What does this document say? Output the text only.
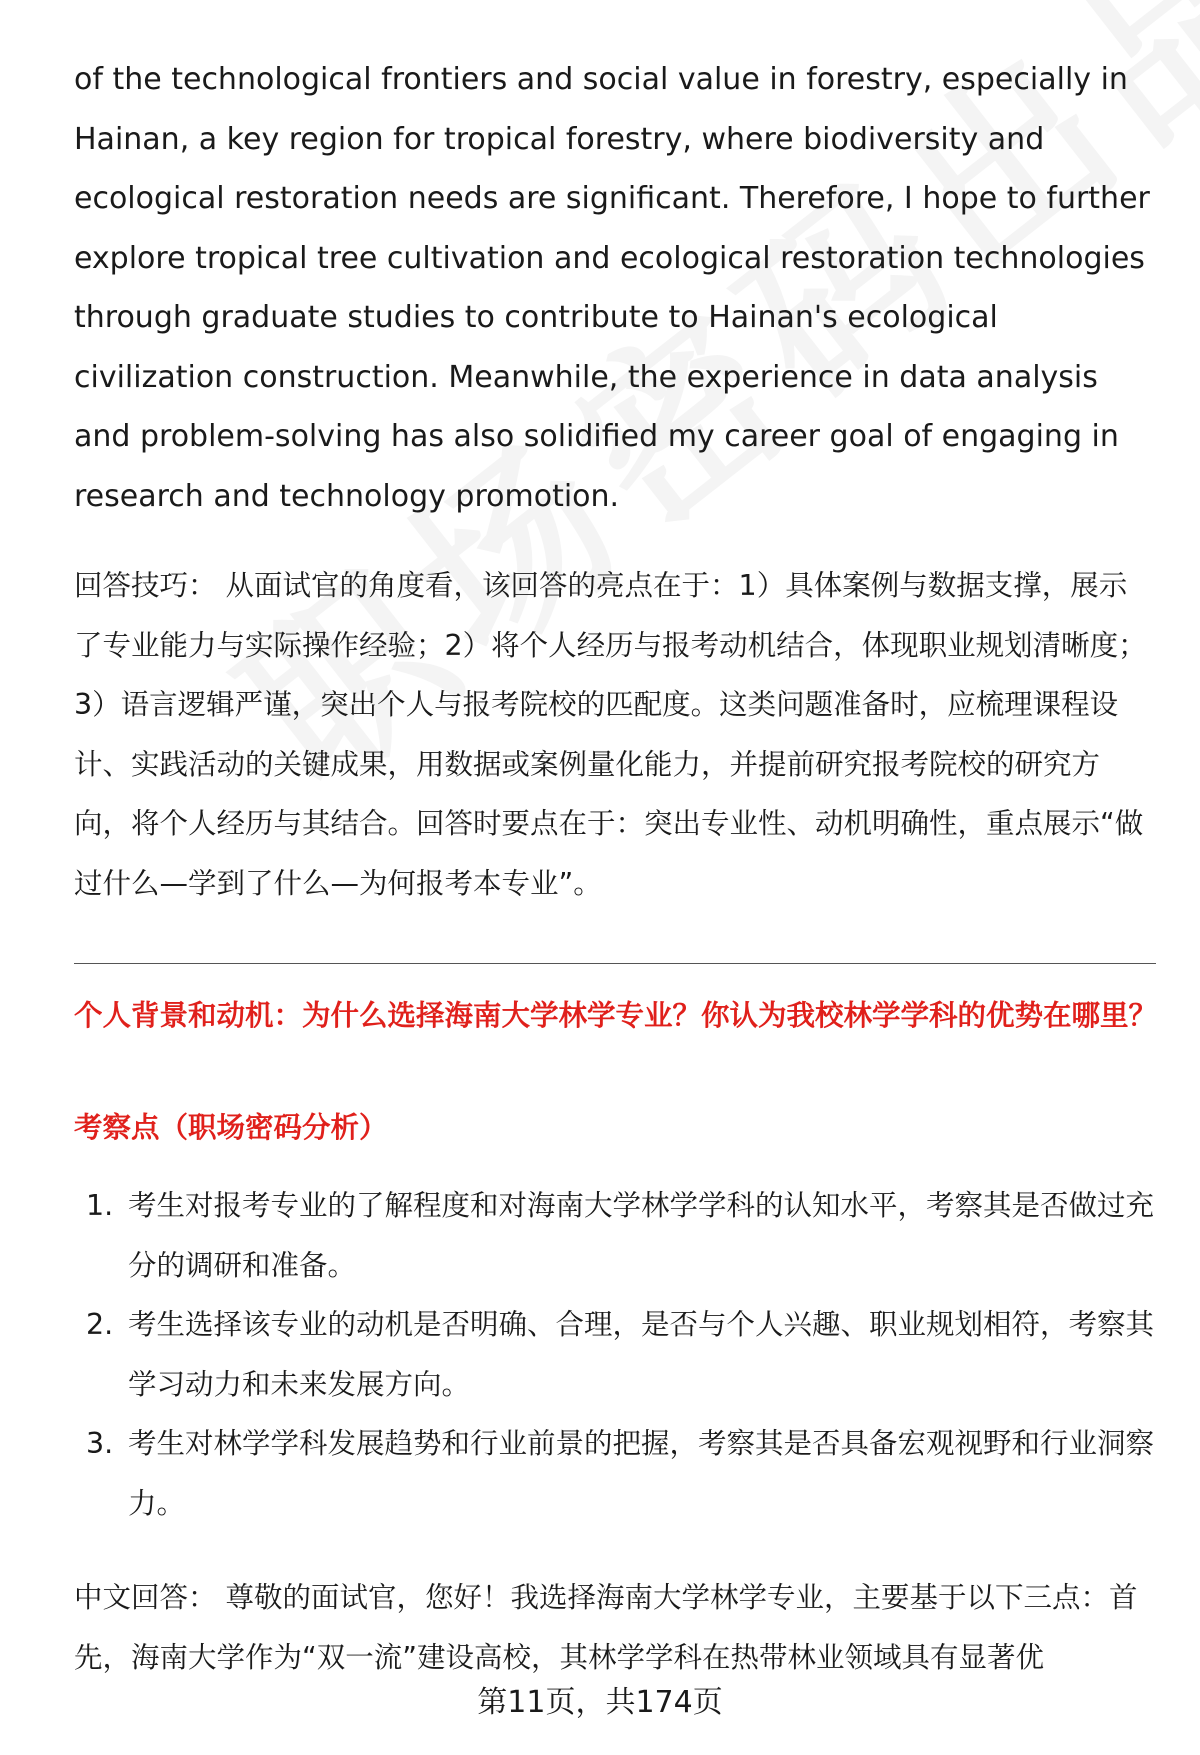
of the technological frontiers and social value in forestry, especially in Hainan, a key region for tropical forestry, where biodiversity and ecological restoration needs are significant. Therefore, I hope to further explore tropical tree cultivation and ecological restoration technologies through graduate studies to contribute to Hainan's ecological civilization construction. Meanwhile, the experience in data analysis and problem-solving has also solidified my career goal of engaging in research and technology promotion.

回答技巧： 从面试官的角度看，该回答的亮点在于：1）具体案例与数据支撑，展示了专业能力与实际操作经验；2）将个人经历与报考动机结合，体现职业规划清晰度；3）语言逻辑严谨，突出个人与报考院校的匹配度。这类问题准备时，应梳理课程设计、实践活动的关键成果，用数据或案例量化能力，并提前研究报考院校的研究方向，将个人经历与其结合。回答时要点在于：突出专业性、动机明确性，重点展示“做过什么—学到了什么—为何报考本专业”。

个人背景和动机：为什么选择海南大学林学专业？你认为我校林学学科的优势在哪里？
考察点（职场密码分析）
1. 考生对报考专业的了解程度和对海南大学林学学科的认知水平，考察其是否做过充分的调研和准备。
2. 考生选择该专业的动机是否明确、合理，是否与个人兴趣、职业规划相符，考察其学习动力和未来发展方向。
3. 考生对林学学科发展趋势和行业前景的把握，考察其是否具备宏观视野和行业洞察力。

中文回答： 尊敬的面试官，您好！我选择海南大学林学专业，主要基于以下三点：首先，海南大学作为“双一流”建设高校，其林学学科在热带林业领域具有显著优

第11页，共174页
